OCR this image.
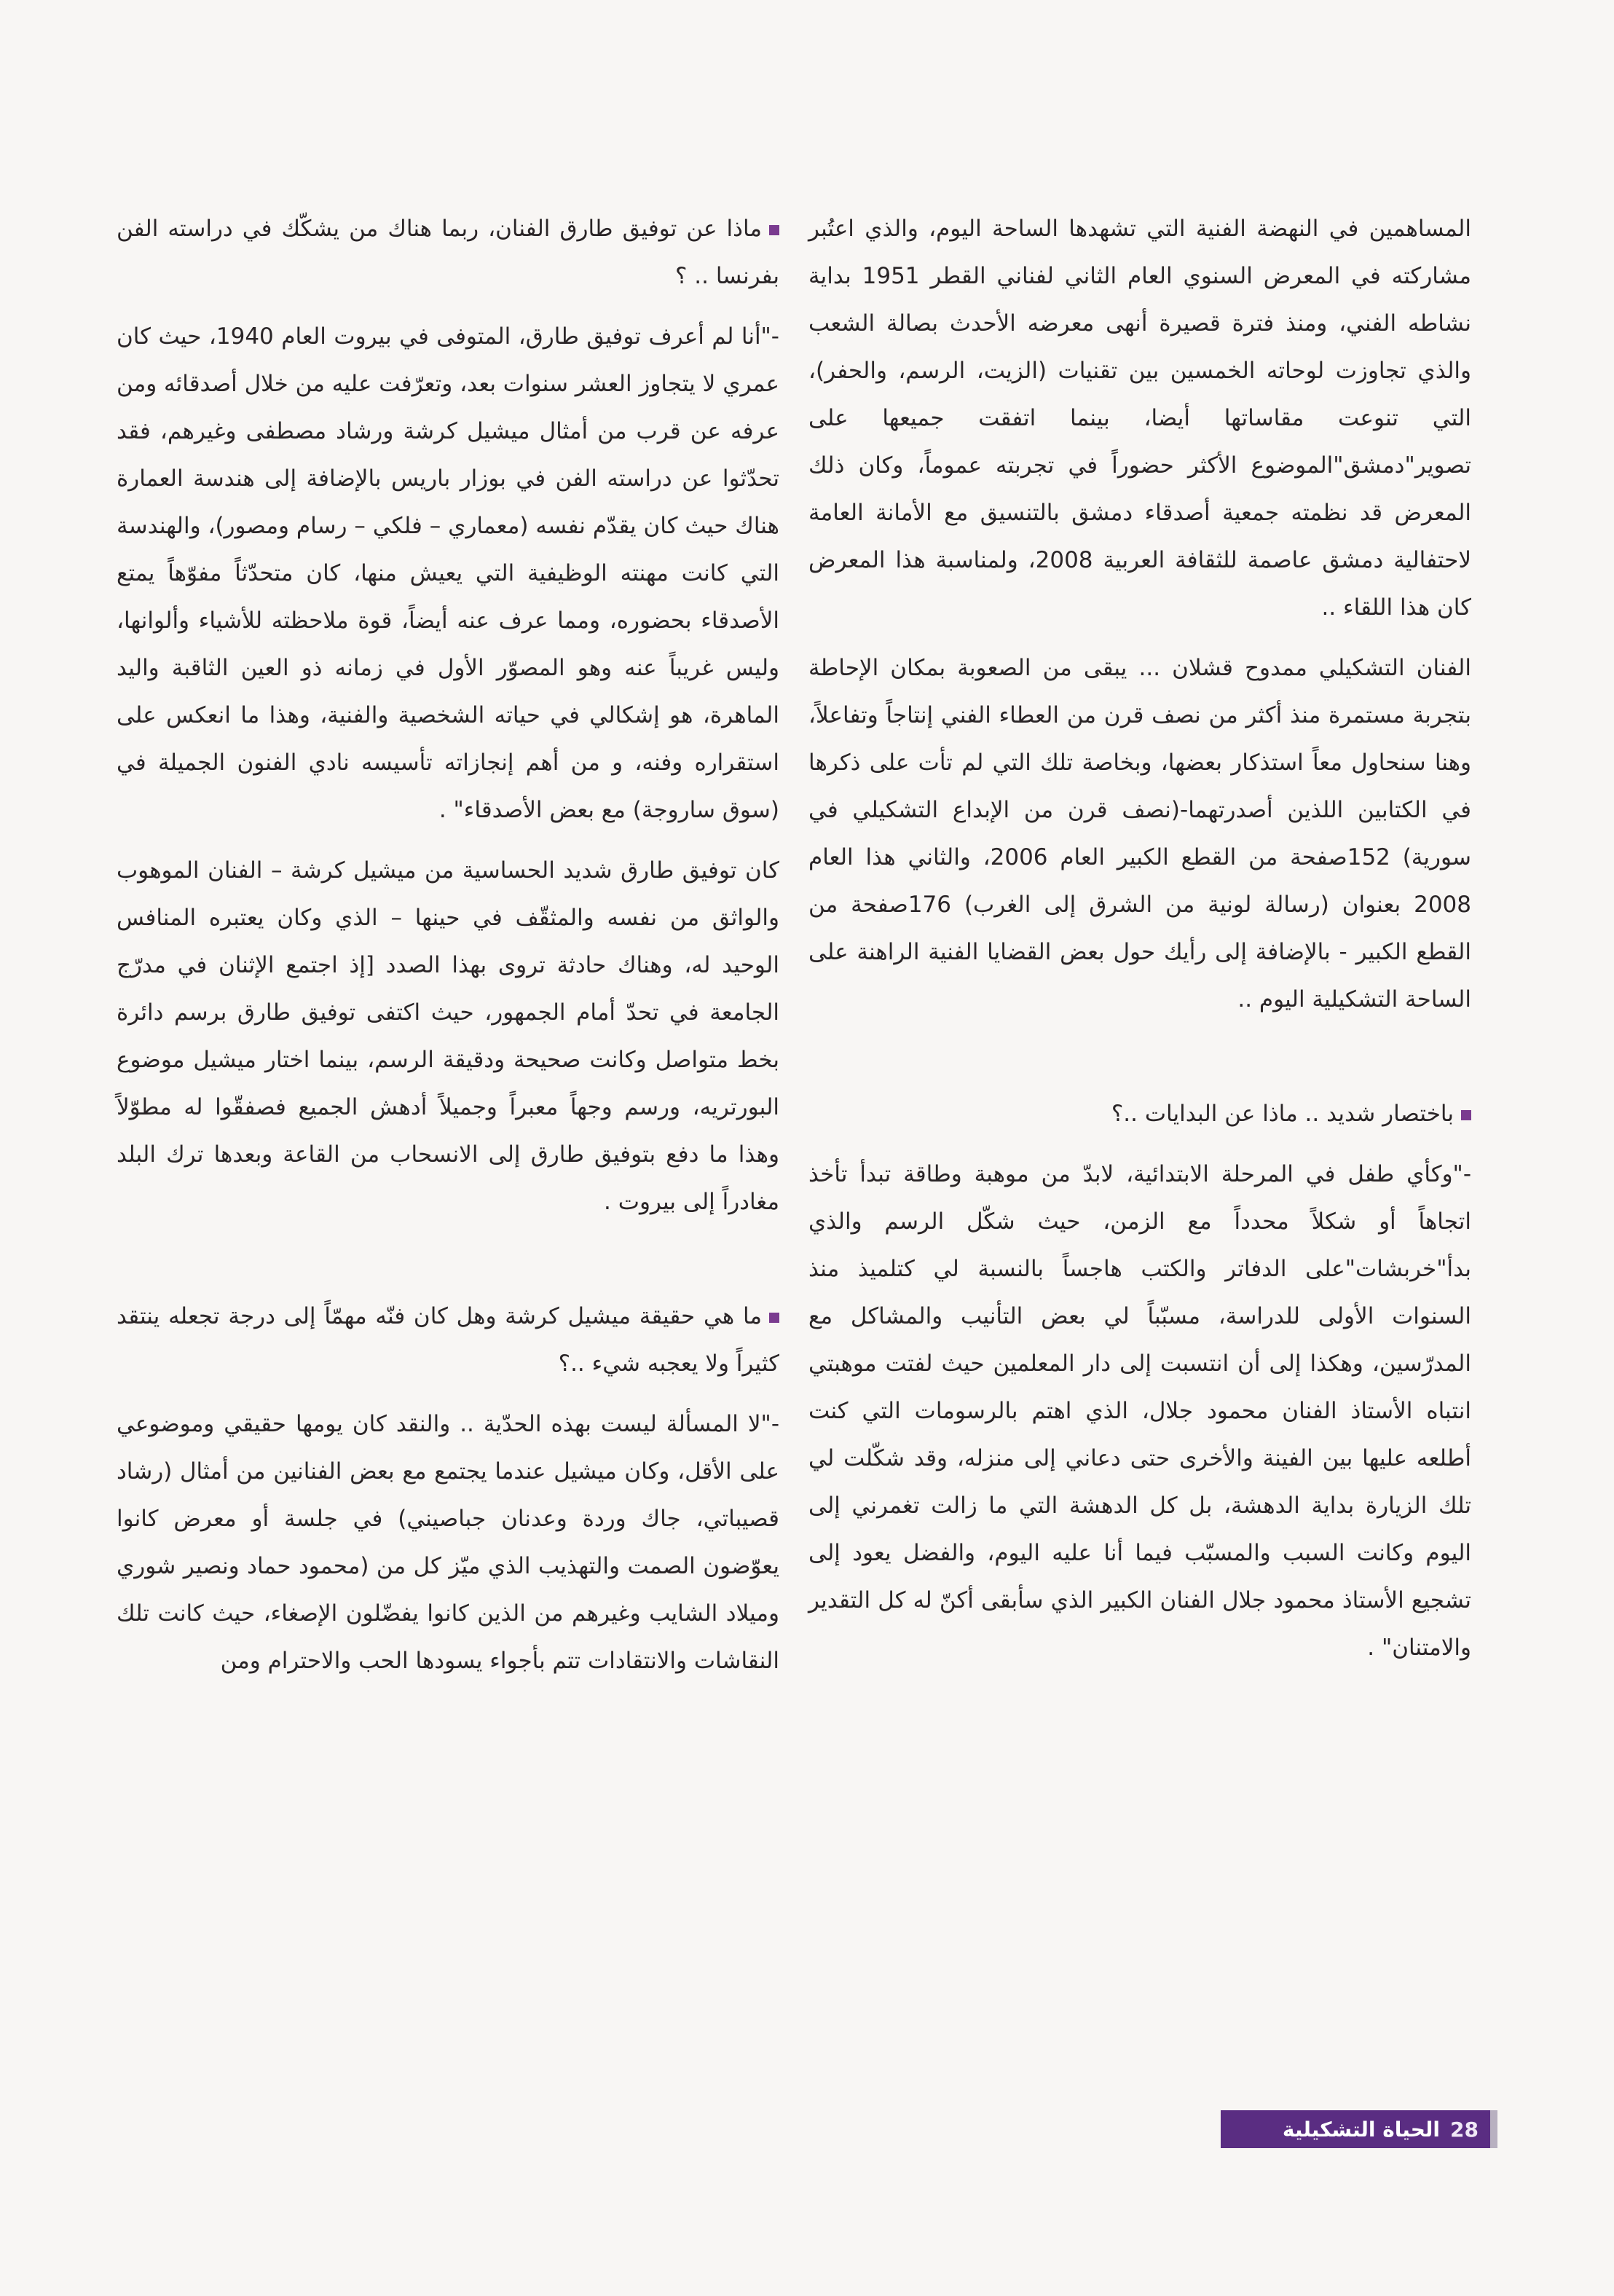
المساهمين في النهضة الفنية التي تشهدها الساحة اليوم، والذي اعتُبر مشاركته في المعرض السنوي العام الثاني لفناني القطر 1951 بداية نشاطه الفني، ومنذ فترة قصيرة أنهى معرضه الأحدث بصالة الشعب والذي تجاوزت لوحاته الخمسين بين تقنيات (الزيت، الرسم، والحفر)، التي تنوعت مقاساتها أيضا، بينما اتفقت جميعها على تصوير"دمشق"الموضوع الأكثر حضوراً في تجربته عموماً، وكان ذلك المعرض قد نظمته جمعية أصدقاء دمشق بالتنسيق مع الأمانة العامة لاحتفالية دمشق عاصمة للثقافة العربية 2008، ولمناسبة هذا المعرض كان هذا اللقاء ..

الفنان التشكيلي ممدوح قشلان ... يبقى من الصعوبة بمكان الإحاطة بتجربة مستمرة منذ أكثر من نصف قرن من العطاء الفني إنتاجاً وتفاعلاً، وهنا سنحاول معاً استذكار بعضها، وبخاصة تلك التي لم تأت على ذكرها في الكتابين اللذين أصدرتهما-(نصف قرن من الإبداع التشكيلي في سورية) 152صفحة من القطع الكبير العام 2006، والثاني هذا العام 2008 بعنوان (رسالة لونية من الشرق إلى الغرب) 176صفحة من القطع الكبير - بالإضافة إلى رأيك حول بعض القضايا الفنية الراهنة على الساحة التشكيلية اليوم ..

باختصار شديد .. ماذا عن البدايات ..؟

-"وكأي طفل في المرحلة الابتدائية، لابدّ من موهبة وطاقة تبدأ تأخذ اتجاهاً أو شكلاً محدداً مع الزمن، حيث شكّل الرسم والذي بدأ"خربشات"على الدفاتر والكتب هاجساً بالنسبة لي كتلميذ منذ السنوات الأولى للدراسة، مسبّباً لي بعض التأنيب والمشاكل مع المدرّسين، وهكذا إلى أن انتسبت إلى دار المعلمين حيث لفتت موهبتي انتباه الأستاذ الفنان محمود جلال، الذي اهتم بالرسومات التي كنت أطلعه عليها بين الفينة والأخرى حتى دعاني إلى منزله، وقد شكّلت لي تلك الزيارة بداية الدهشة، بل كل الدهشة التي ما زالت تغمرني إلى اليوم وكانت السبب والمسبّب فيما أنا عليه اليوم، والفضل يعود إلى تشجيع الأستاذ محمود جلال الفنان الكبير الذي سأبقى أكنّ له كل التقدير والامتنان" .

ماذا عن توفيق طارق الفنان، ربما هناك من يشكّك في دراسته الفن بفرنسا .. ؟

-"أنا لم أعرف توفيق طارق، المتوفى في بيروت العام 1940، حيث كان عمري لا يتجاوز العشر سنوات بعد، وتعرّفت عليه من خلال أصدقائه ومن عرفه عن قرب من أمثال ميشيل كرشة ورشاد مصطفى وغيرهم، فقد تحدّثوا عن دراسته الفن في بوزار باريس بالإضافة إلى هندسة العمارة هناك حيث كان يقدّم نفسه (معماري – فلكي – رسام ومصور)، والهندسة التي كانت مهنته الوظيفية التي يعيش منها، كان متحدّثاً مفوّهاً يمتع الأصدقاء بحضوره، ومما عرف عنه أيضاً، قوة ملاحظته للأشياء وألوانها، وليس غريباً عنه وهو المصوّر الأول في زمانه ذو العين الثاقبة واليد الماهرة، هو إشكالي في حياته الشخصية والفنية، وهذا ما انعكس على استقراره وفنه، و من أهم إنجازاته تأسيسه نادي الفنون الجميلة في (سوق ساروجة) مع بعض الأصدقاء" .

كان توفيق طارق شديد الحساسية من ميشيل كرشة – الفنان الموهوب والواثق من نفسه والمثقّف في حينها – الذي وكان يعتبره المنافس الوحيد له، وهناك حادثة تروى بهذا الصدد [إذ اجتمع الإثنان في مدرّج الجامعة في تحدّ أمام الجمهور، حيث اكتفى توفيق طارق برسم دائرة بخط متواصل وكانت صحيحة ودقيقة الرسم، بينما اختار ميشيل موضوع البورتريه، ورسم وجهاً معبراً وجميلاً أدهش الجميع فصفقّوا له مطوّلاً وهذا ما دفع بتوفيق طارق إلى الانسحاب من القاعة وبعدها ترك البلد مغادراً إلى بيروت .

ما هي حقيقة ميشيل كرشة وهل كان فنّه مهمّاً إلى درجة تجعله ينتقد كثيراً ولا يعجبه شيء ..؟

-"لا المسألة ليست بهذه الحدّية .. والنقد كان يومها حقيقي وموضوعي على الأقل، وكان ميشيل عندما يجتمع مع بعض الفنانين من أمثال (رشاد قصيباتي، جاك وردة وعدنان جباصيني) في جلسة أو معرض كانوا يعوّضون الصمت والتهذيب الذي ميّز كل من (محمود حماد ونصير شوري وميلاد الشايب وغيرهم من الذين كانوا يفضّلون الإصغاء، حيث كانت تلك النقاشات والانتقادات تتم بأجواء يسودها الحب والاحترام ومن

28
الحياة التشكيلية
